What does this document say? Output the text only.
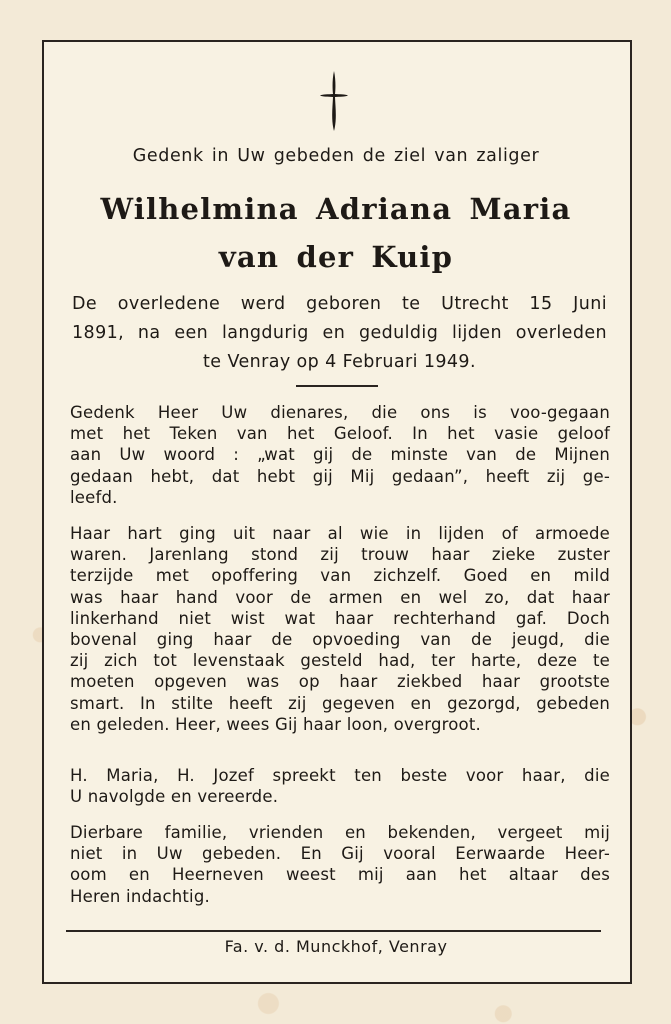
Gedenk in Uw gebeden de ziel van zaliger
Wilhelmina Adriana Maria
van der Kuip
De overledene werd geboren te Utrecht 15 Juni
1891, na een langdurig en geduldig lijden overleden
te Venray op 4 Februari 1949.
Gedenk Heer Uw dienares, die ons is voo-gegaan
met het Teken van het Geloof. In het vasie geloof
aan Uw woord : „wat gij de minste van de Mijnen
gedaan hebt, dat hebt gij Mij gedaan”, heeft zij ge-
leefd.
Haar hart ging uit naar al wie in lijden of armoede
waren. Jarenlang stond zij trouw haar zieke zuster
terzijde met opoffering van zichzelf. Goed en mild
was haar hand voor de armen en wel zo, dat haar
linkerhand niet wist wat haar rechterhand gaf. Doch
bovenal ging haar de opvoeding van de jeugd, die
zij zich tot levenstaak gesteld had, ter harte, deze te
moeten opgeven was op haar ziekbed haar grootste
smart. In stilte heeft zij gegeven en gezorgd, gebeden
en geleden. Heer, wees Gij haar loon, overgroot.
H. Maria, H. Jozef spreekt ten beste voor haar, die
U navolgde en vereerde.
Dierbare familie, vrienden en bekenden, vergeet mij
niet in Uw gebeden. En Gij vooral Eerwaarde Heer-
oom en Heerneven weest mij aan het altaar des
Heren indachtig.
Fa. v. d. Munckhof, Venray
